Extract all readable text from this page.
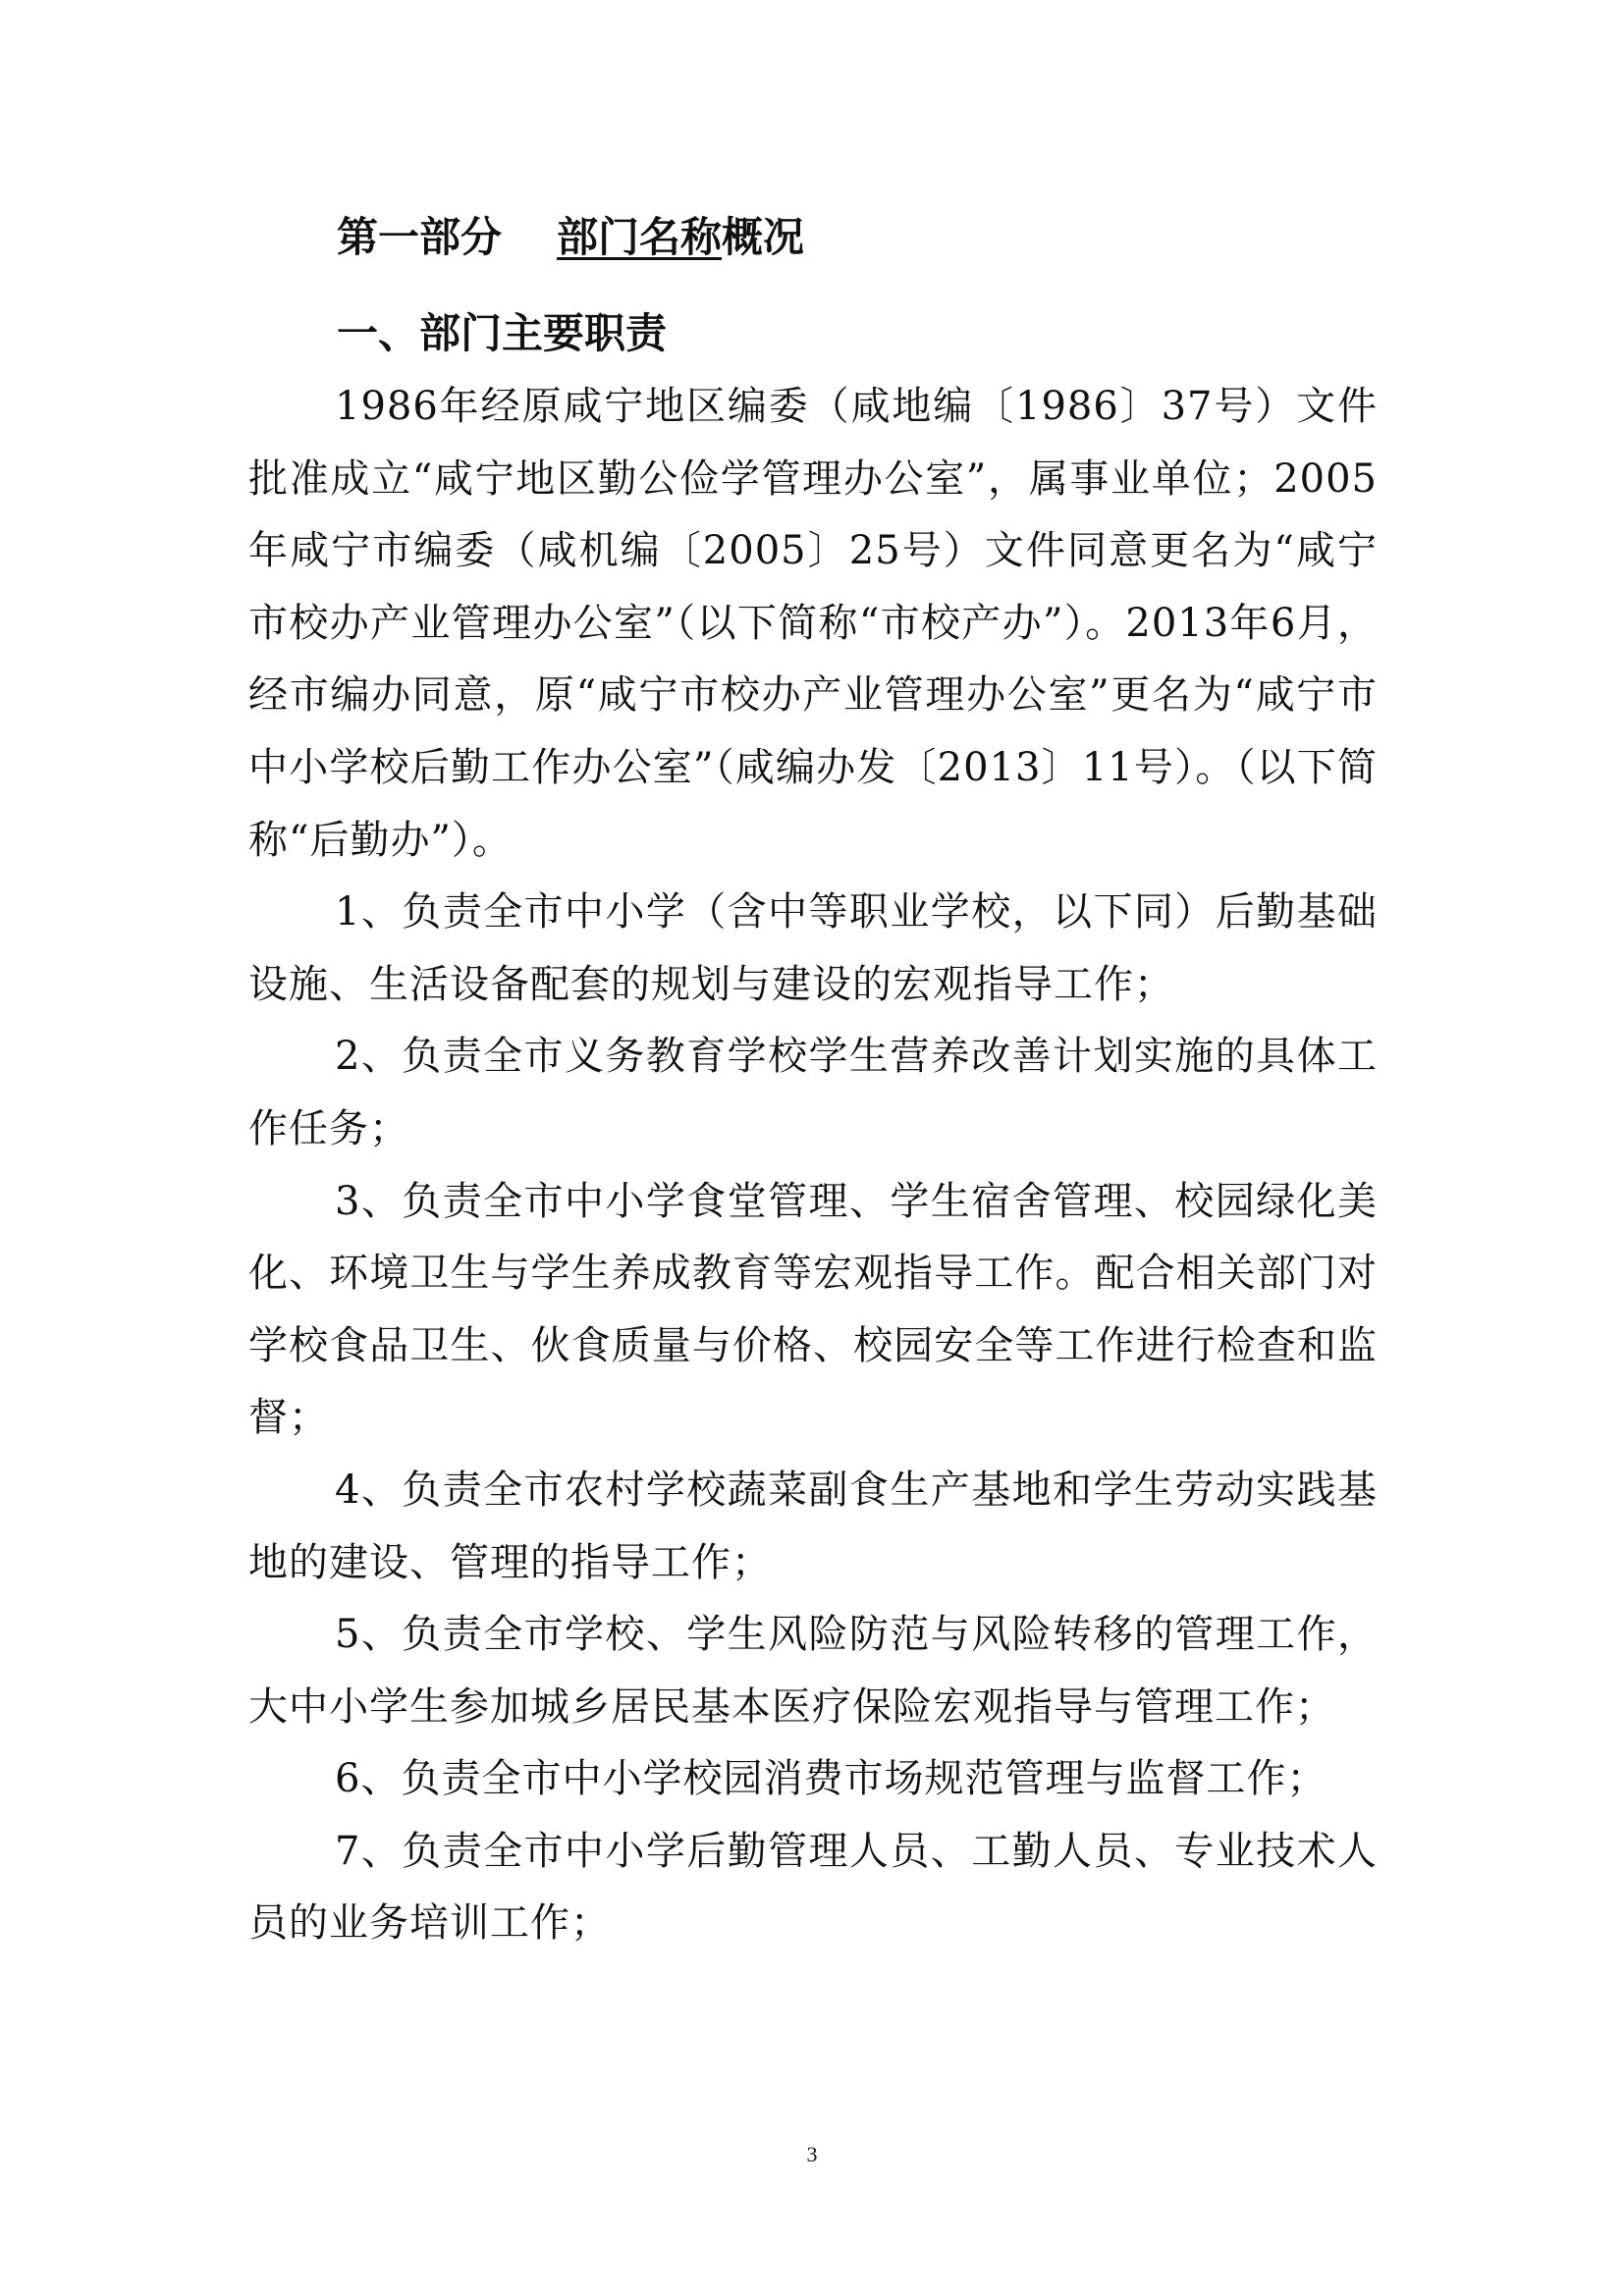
第一部分 部门名称概况
一、部门主要职责

1986年经原咸宁地区编委（咸地编〔1986〕37号）文件批准成立“咸宁地区勤公俭学管理办公室”，属事业单位；2005年咸宁市编委（咸机编〔2005〕25号）文件同意更名为“咸宁市校办产业管理办公室”（以下简称“市校产办”）。2013年6月，经市编办同意，原“咸宁市校办产业管理办公室”更名为“咸宁市中小学校后勤工作办公室”（咸编办发〔2013〕11号）。（以下简称“后勤办”）。

1、负责全市中小学（含中等职业学校，以下同）后勤基础设施、生活设备配套的规划与建设的宏观指导工作；

2、负责全市义务教育学校学生营养改善计划实施的具体工作任务；

3、负责全市中小学食堂管理、学生宿舍管理、校园绿化美化、环境卫生与学生养成教育等宏观指导工作。配合相关部门对学校食品卫生、伙食质量与价格、校园安全等工作进行检查和监督；

4、负责全市农村学校蔬菜副食生产基地和学生劳动实践基地的建设、管理的指导工作；

5、负责全市学校、学生风险防范与风险转移的管理工作，大中小学生参加城乡居民基本医疗保险宏观指导与管理工作；

6、负责全市中小学校园消费市场规范管理与监督工作；

7、负责全市中小学后勤管理人员、工勤人员、专业技术人员的业务培训工作；

3
